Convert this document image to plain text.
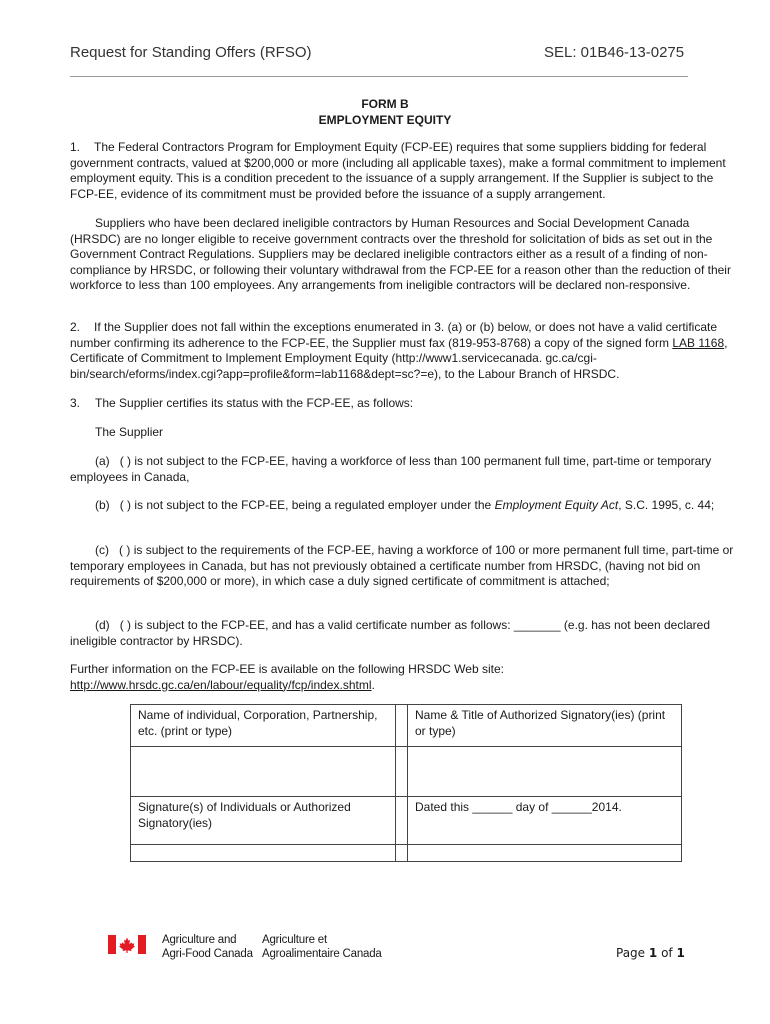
Request for Standing Offers (RFSO)	SEL: 01B46-13-0275
FORM B
EMPLOYMENT EQUITY
1. The Federal Contractors Program for Employment Equity (FCP-EE) requires that some suppliers bidding for federal government contracts, valued at $200,000 or more (including all applicable taxes), make a formal commitment to implement employment equity. This is a condition precedent to the issuance of a supply arrangement. If the Supplier is subject to the FCP-EE, evidence of its commitment must be provided before the issuance of a supply arrangement.
Suppliers who have been declared ineligible contractors by Human Resources and Social Development Canada (HRSDC) are no longer eligible to receive government contracts over the threshold for solicitation of bids as set out in the Government Contract Regulations. Suppliers may be declared ineligible contractors either as a result of a finding of non-compliance by HRSDC, or following their voluntary withdrawal from the FCP-EE for a reason other than the reduction of their workforce to less than 100 employees. Any arrangements from ineligible contractors will be declared non-responsive.
2. If the Supplier does not fall within the exceptions enumerated in 3. (a) or (b) below, or does not have a valid certificate number confirming its adherence to the FCP-EE, the Supplier must fax (819-953-8768) a copy of the signed form LAB 1168, Certificate of Commitment to Implement Employment Equity (http://www1.servicecanada. gc.ca/cgi-bin/search/eforms/index.cgi?app=profile&form=lab1168&dept=sc?=e), to the Labour Branch of HRSDC.
3. The Supplier certifies its status with the FCP-EE, as follows:
The Supplier
(a) ( ) is not subject to the FCP-EE, having a workforce of less than 100 permanent full time, part-time or temporary employees in Canada,
(b) ( ) is not subject to the FCP-EE, being a regulated employer under the Employment Equity Act, S.C. 1995, c. 44;
(c) ( ) is subject to the requirements of the FCP-EE, having a workforce of 100 or more permanent full time, part-time or temporary employees in Canada, but has not previously obtained a certificate number from HRSDC, (having not bid on requirements of $200,000 or more), in which case a duly signed certificate of commitment is attached;
(d) ( ) is subject to the FCP-EE, and has a valid certificate number as follows: _______ (e.g. has not been declared ineligible contractor by HRSDC).
Further information on the FCP-EE is available on the following HRSDC Web site: http://www.hrsdc.gc.ca/en/labour/equality/fcp/index.shtml.
Name of individual, Corporation, Partnership, etc. (print or type)		Name & Title of Authorized Signatory(ies) (print or type)

Signature(s) of Individuals or Authorized Signatory(ies)		Dated this ______ day of ______2014.

Agriculture and
Agri-Food Canada
Agriculture et
Agroalimentaire Canada	Page 1 of 1
